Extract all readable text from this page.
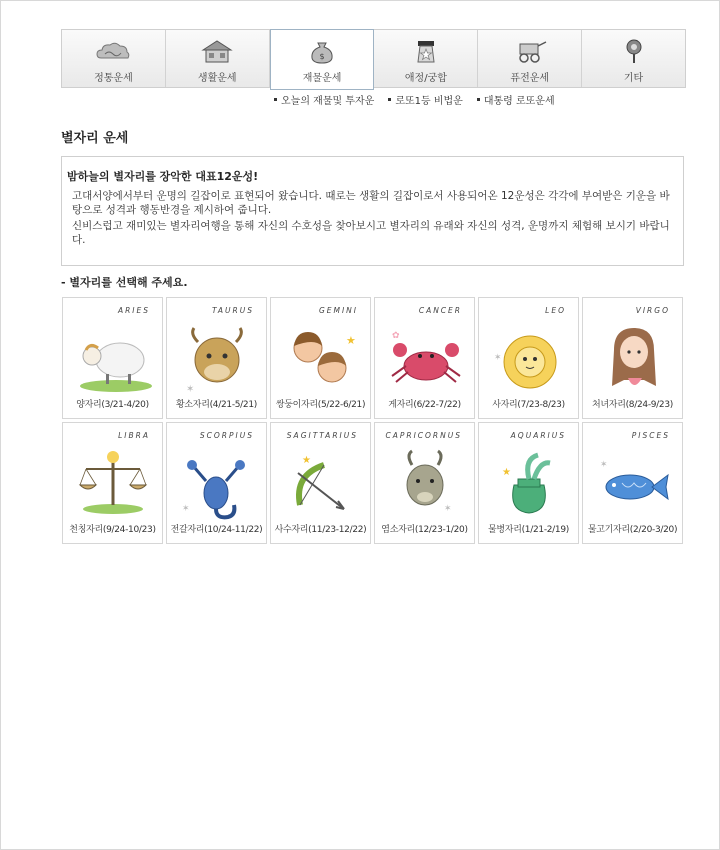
정통운세	생활운세
$
재물운세	애정/궁합	퓨전운세	기타
오늘의 재물및 투자운 로또1등 비법운 대통령 로또운세
별자리 운세
밤하늘의 별자리를 장악한 대표12운성!

고대서양에서부터 운명의 길잡이로 표현되어 왔습니다. 때로는 생활의 길잡이로서 사용되어온 12운성은 각각에 부여받은 기운을 바탕으로 성격과 행동반경을 제시하여 줍니다.

신비스럽고 재미있는 별자리여행을 통해 자신의 수호성을 찾아보시고 별자리의 유래와 자신의 성격, 운명까지 체험해 보시기 바랍니다.

- 별자리를 선택해 주세요.
ARIES
양자리(3/21-4/20)
TAURUS
✶
황소자리(4/21-5/21)
GEMINI
★
쌍둥이자리(5/22-6/21)
CANCER
✿
게자리(6/22-7/22)
LEO
✶
사자리(7/23-8/23)
VIRGO
처녀자리(8/24-9/23)
LIBRA
천칭자리(9/24-10/23)
SCORPIUS
✶
전갈자리(10/24-11/22)
SAGITTARIUS
★
사수자리(11/23-12/22)
CAPRICORNUS
✶
염소자리(12/23-1/20)
AQUARIUS
★
물병자리(1/21-2/19)
PISCES
✶
물고기자리(2/20-3/20)
